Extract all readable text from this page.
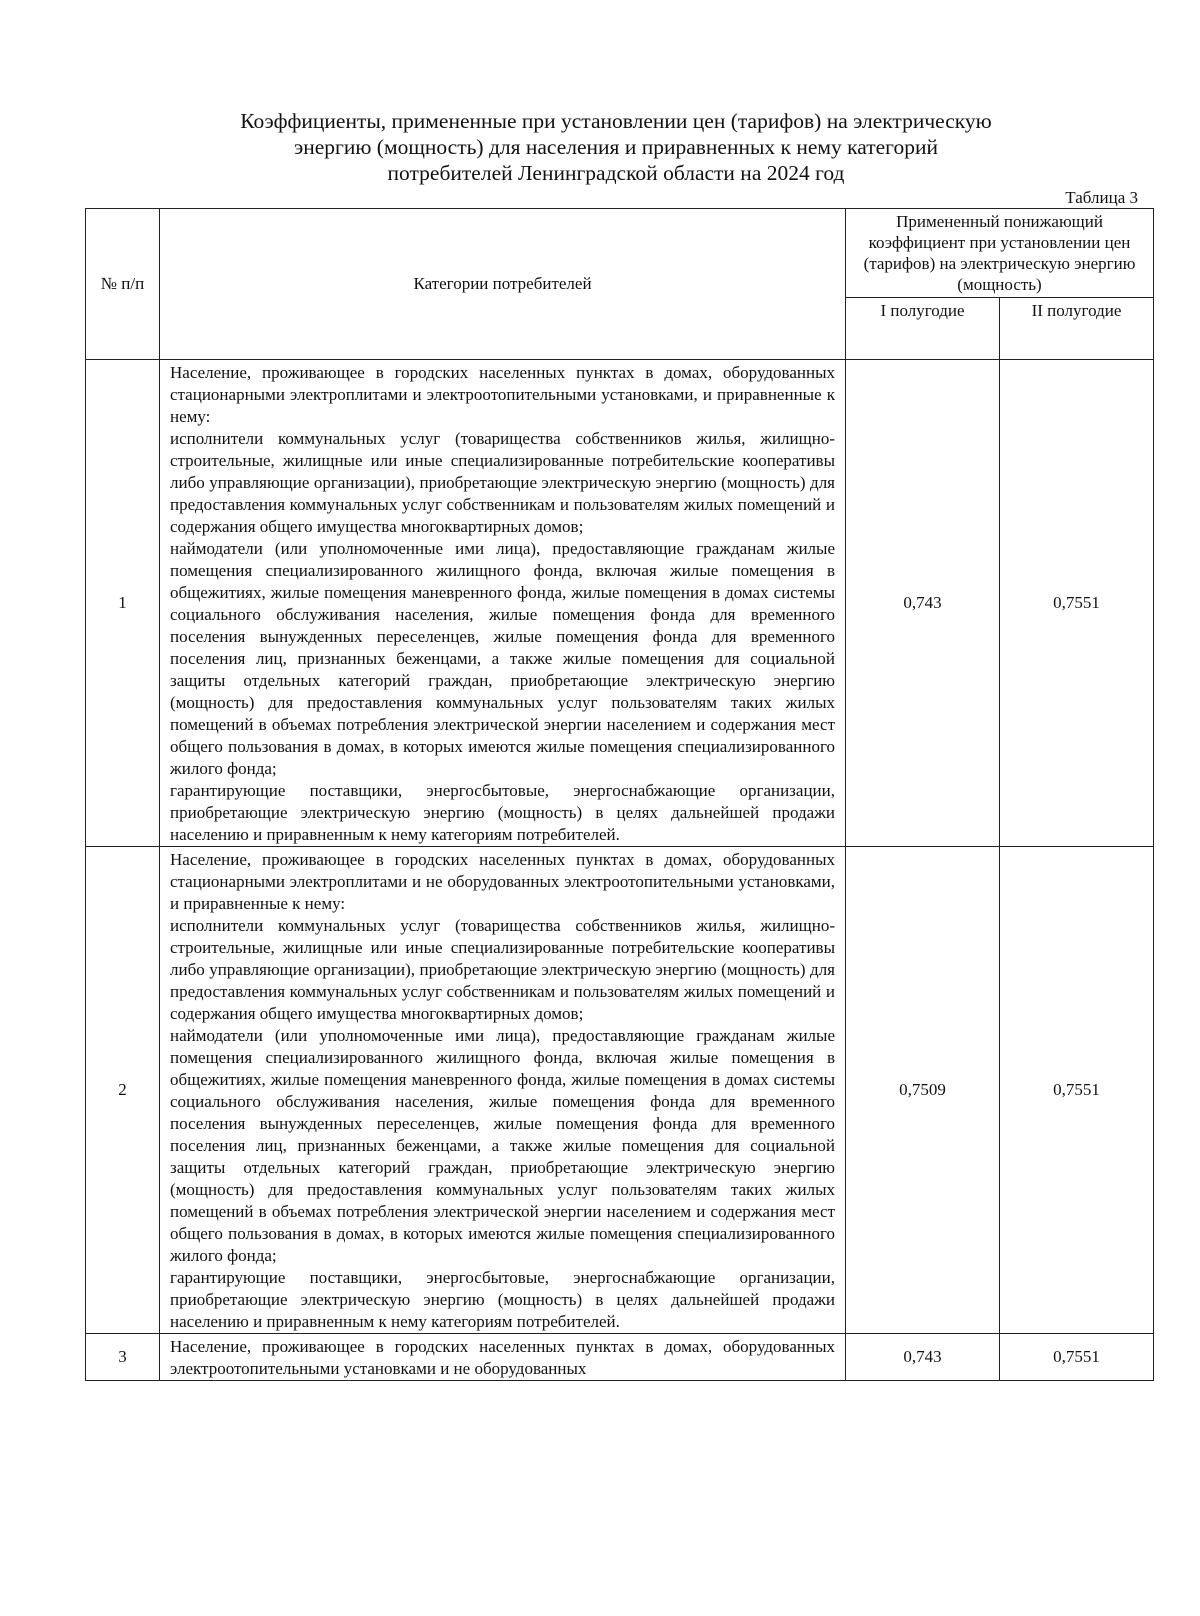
Коэффициенты, примененные при установлении цен (тарифов) на электрическую
энергию (мощность) для населения и приравненных к нему категорий
потребителей Ленинградской области на 2024 год
Таблица 3
№ п/п	Категории потребителей	Примененный понижающий коэффициент при установлении цен (тарифов) на электрическую энергию (мощность)	
		I полугодие	II полугодие
1	Население, проживающее в городских населенных пунктах в домах, оборудованных стационарными электроплитами и электроотопительными установками, и приравненные к нему:
исполнители коммунальных услуг (товарищества собственников жилья, жилищно-строительные, жилищные или иные специализированные потребительские кооперативы либо управляющие организации), приобретающие электрическую энергию (мощность) для предоставления коммунальных услуг собственникам и пользователям жилых помещений и содержания общего имущества многоквартирных домов;
наймодатели (или уполномоченные ими лица), предоставляющие гражданам жилые помещения специализированного жилищного фонда, включая жилые помещения в общежитиях, жилые помещения маневренного фонда, жилые помещения в домах системы социального обслуживания населения, жилые помещения фонда для временного поселения вынужденных переселенцев, жилые помещения фонда для временного поселения лиц, признанных беженцами, а также жилые помещения для социальной защиты отдельных категорий граждан, приобретающие электрическую энергию (мощность) для предоставления коммунальных услуг пользователям таких жилых помещений в объемах потребления электрической энергии населением и содержания мест общего пользования в домах, в которых имеются жилые помещения специализированного жилого фонда;
гарантирующие поставщики, энергосбытовые, энергоснабжающие организации, приобретающие электрическую энергию (мощность) в целях дальнейшей продажи населению и приравненным к нему категориям потребителей.	0,743	0,7551
2	Население, проживающее в городских населенных пунктах в домах, оборудованных стационарными электроплитами и не оборудованных электроотопительными установками, и приравненные к нему:
исполнители коммунальных услуг (товарищества собственников жилья, жилищно-строительные, жилищные или иные специализированные потребительские кооперативы либо управляющие организации), приобретающие электрическую энергию (мощность) для предоставления коммунальных услуг собственникам и пользователям жилых помещений и содержания общего имущества многоквартирных домов;
наймодатели (или уполномоченные ими лица), предоставляющие гражданам жилые помещения специализированного жилищного фонда, включая жилые помещения в общежитиях, жилые помещения маневренного фонда, жилые помещения в домах системы социального обслуживания населения, жилые помещения фонда для временного поселения вынужденных переселенцев, жилые помещения фонда для временного поселения лиц, признанных беженцами, а также жилые помещения для социальной защиты отдельных категорий граждан, приобретающие электрическую энергию (мощность) для предоставления коммунальных услуг пользователям таких жилых помещений в объемах потребления электрической энергии населением и содержания мест общего пользования в домах, в которых имеются жилые помещения специализированного жилого фонда;
гарантирующие поставщики, энергосбытовые, энергоснабжающие организации, приобретающие электрическую энергию (мощность) в целях дальнейшей продажи населению и приравненным к нему категориям потребителей.	0,7509	0,7551
3	Население, проживающее в городских населенных пунктах в домах, оборудованных электроотопительными установками и не оборудованных	0,743	0,7551
